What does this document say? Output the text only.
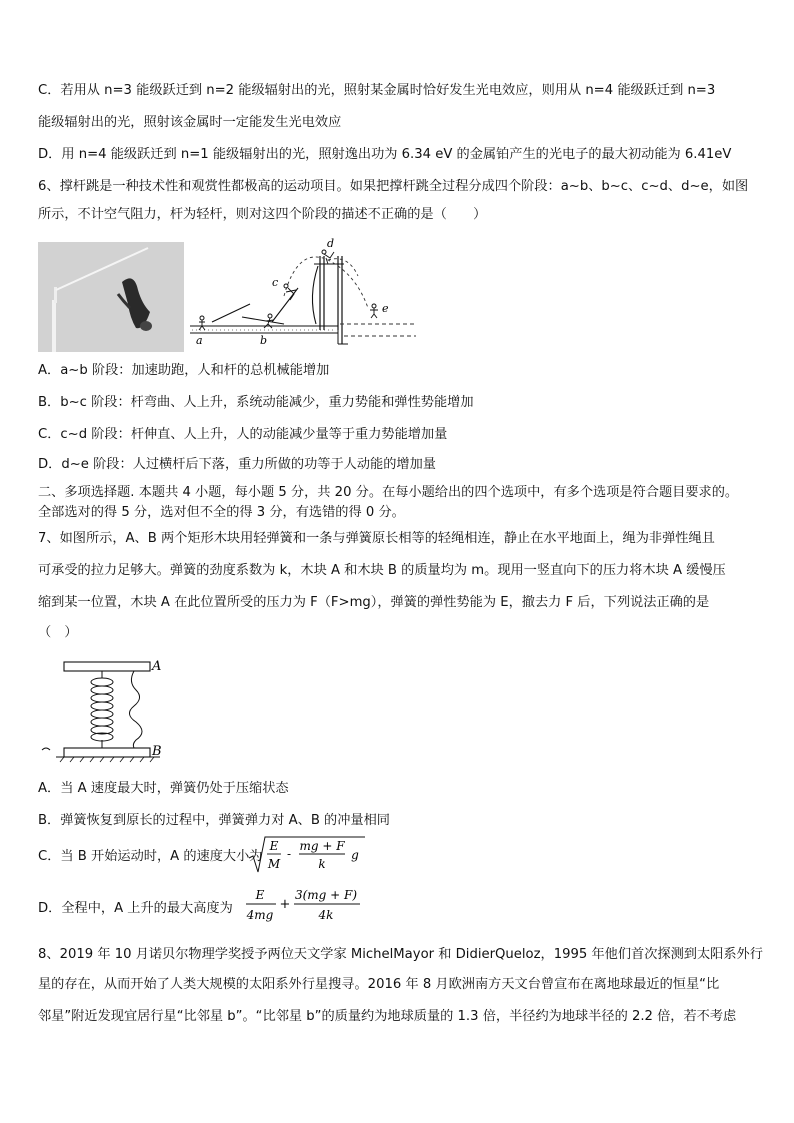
C．若用从 n=3 能级跃迁到 n=2 能级辐射出的光，照射某金属时恰好发生光电效应，则用从 n=4 能级跃迁到 n=3
能级辐射出的光，照射该金属时一定能发生光电效应
D．用 n=4 能级跃迁到 n=1 能级辐射出的光，照射逸出功为 6.34 eV 的金属铂产生的光电子的最大初动能为 6.41eV
6、撑杆跳是一种技术性和观赏性都极高的运动项目。如果把撑杆跳全过程分成四个阶段：a~b、b~c、c~d、d~e，如图
所示，不计空气阻力，杆为轻杆，则对这四个阶段的描述不正确的是（　　）
a	b
c
d
e
A．a~b 阶段：加速助跑，人和杆的总机械能增加
B．b~c 阶段：杆弯曲、人上升，系统动能减少，重力势能和弹性势能增加
C．c~d 阶段：杆伸直、人上升，人的动能减少量等于重力势能增加量
D．d~e 阶段：人过横杆后下落，重力所做的功等于人动能的增加量
二、多项选择题. 本题共 4 小题，每小题 5 分，共 20 分。在每小题给出的四个选项中，有多个选项是符合题目要求的。
全部选对的得 5 分，选对但不全的得 3 分，有选错的得 0 分。
7、如图所示，A、B 两个矩形木块用轻弹簧和一条与弹簧原长相等的轻绳相连，静止在水平地面上，绳为非弹性绳且
可承受的拉力足够大。弹簧的劲度系数为 k，木块 A 和木块 B 的质量均为 m。现用一竖直向下的压力将木块 A 缓慢压
缩到某一位置，木块 A 在此位置所受的压力为 F（F>mg），弹簧的弹性势能为 E，撤去力 F 后，下列说法正确的是
（　）
A
B
A．当 A 速度最大时，弹簧仍处于压缩状态
B．弹簧恢复到原长的过程中，弹簧弹力对 A、B 的冲量相同
C．当 B 开始运动时，A 的速度大小为
E
M
-
mg + F
k
g
D．全程中，A 上升的最大高度为
E
4mg
+
3(mg + F)
4k
8、2019 年 10 月诺贝尔物理学奖授予两位天文学家 MichelMayor 和 DidierQueloz，1995 年他们首次探测到太阳系外行
星的存在，从而开始了人类大规模的太阳系外行星搜寻。2016 年 8 月欧洲南方天文台曾宣布在离地球最近的恒星“比
邻星”附近发现宜居行星“比邻星 b”。“比邻星 b”的质量约为地球质量的 1.3 倍，半径约为地球半径的 2.2 倍，若不考虑
